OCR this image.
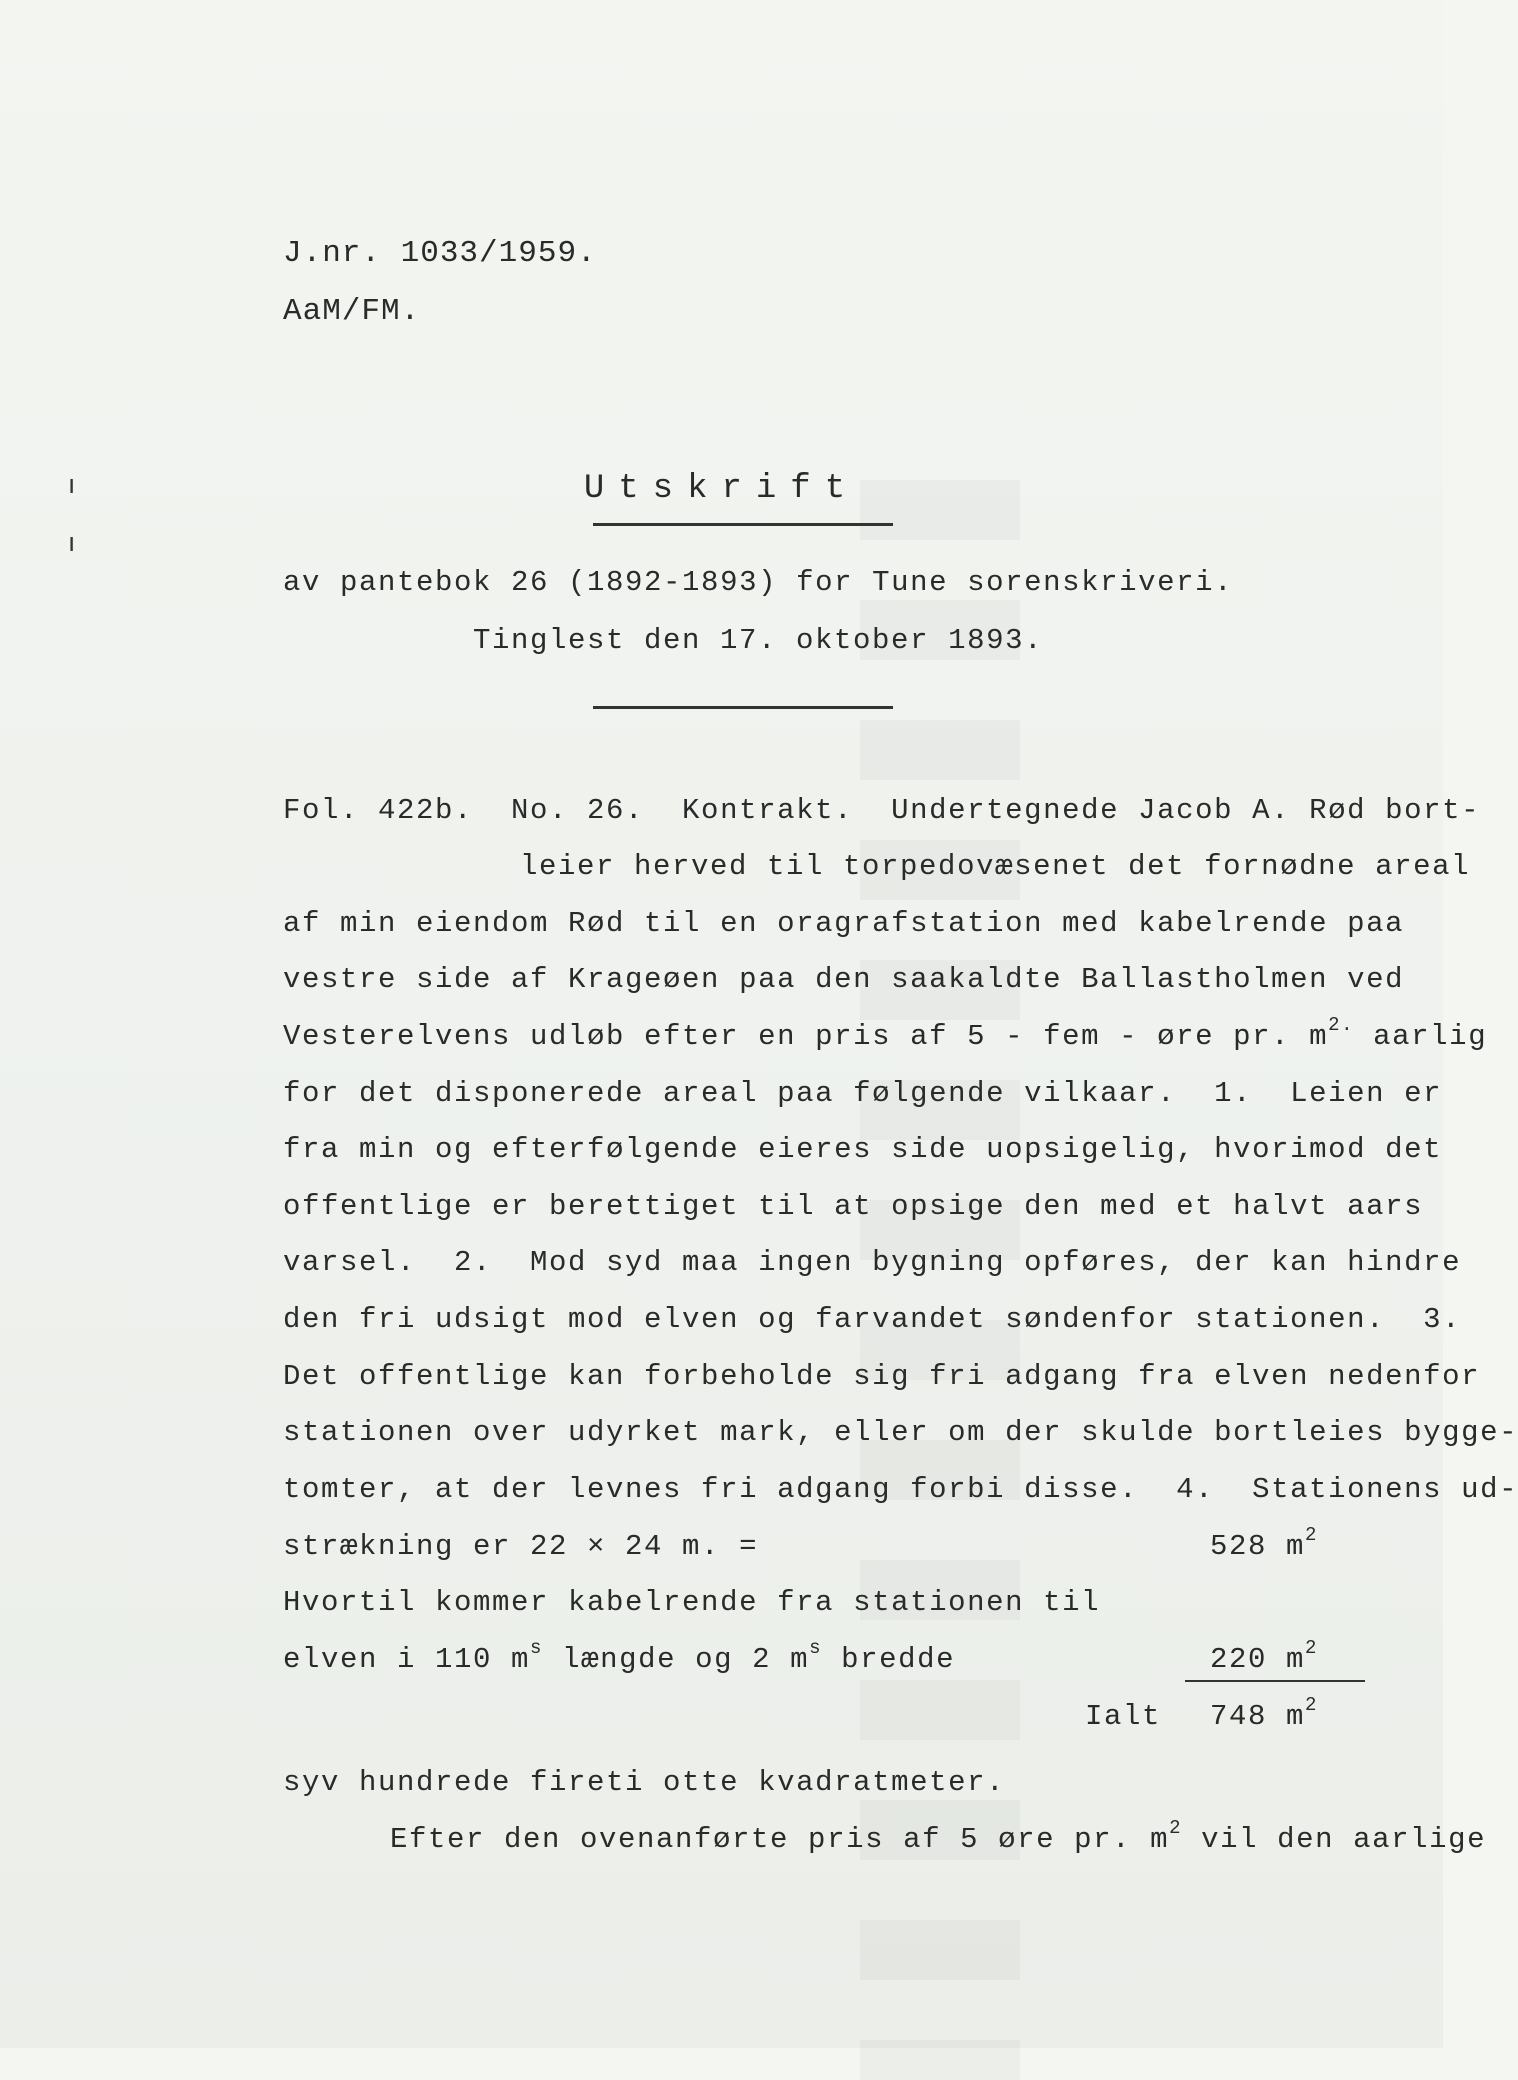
ı
ı
J.nr. 1033/1959.
AaM/FM.
Utskrift
av pantebok 26 (1892-1893) for Tune sorenskriveri.
Tinglest den 17. oktober 1893.
Fol. 422b.  No. 26.  Kontrakt.  Undertegnede Jacob A. Rød bort-
leier herved til torpedovæsenet det fornødne areal
af min eiendom Rød til en oragrafstation med kabelrende paa
vestre side af Krageøen paa den saakaldte Ballastholmen ved
Vesterelvens udløb efter en pris af 5 - fem - øre pr. $m^{2.}$ aarlig
for det disponerede areal paa følgende vilkaar.  1.  Leien er
fra min og efterfølgende eieres side uopsigelig, hvorimod det
offentlige er berettiget til at opsige den med et halvt aars
varsel.  2.  Mod syd maa ingen bygning opføres, der kan hindre
den fri udsigt mod elven og farvandet søndenfor stationen.  3.
Det offentlige kan forbeholde sig fri adgang fra elven nedenfor
stationen over udyrket mark, eller om der skulde bortleies bygge-
tomter, at der levnes fri adgang forbi disse.  4.  Stationens ud-
strækning er 22 × 24 m. =	528 $m^2$
Hvortil kommer kabelrende fra stationen til
elven i 110 $m^s$ længde og 2 $m^s$ bredde	220 $m^2$
Ialt 748 $m^2$
syv hundrede fireti otte kvadratmeter.
Efter den ovenanførte pris af 5 øre pr. $m^2$ vil den aarlige
